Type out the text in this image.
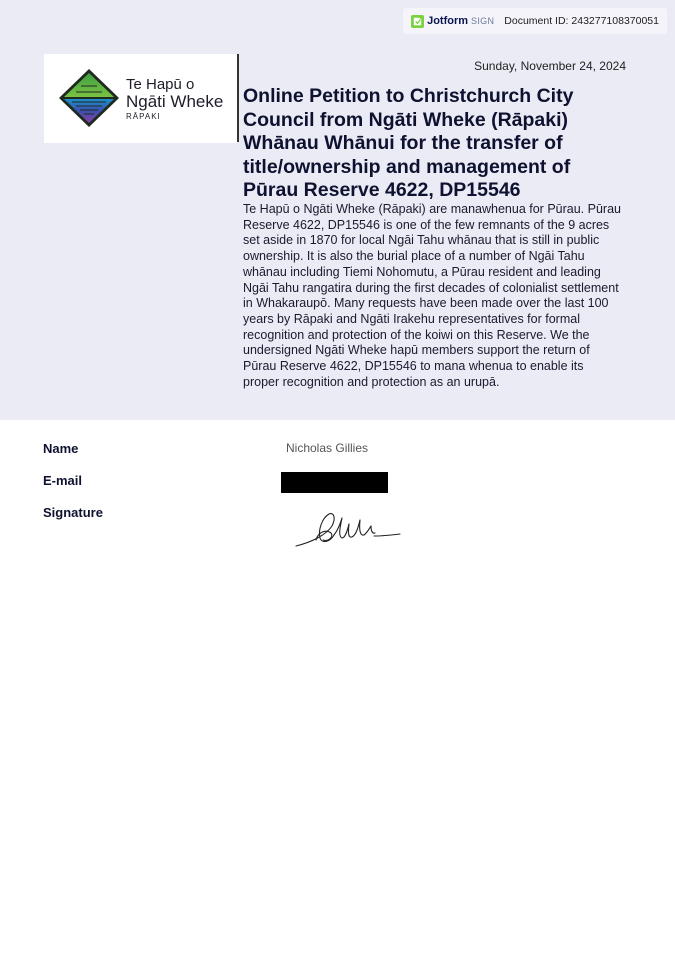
Jotform SIGN Document ID: 243277108370051
Te Hapū o
Ngāti Wheke
RĀPAKI
Sunday, November 24, 2024
Online Petition to Christchurch City Council from Ngāti Wheke (Rāpaki) Whānau Whānui for the transfer of title/ownership and management of Pūrau Reserve 4622, DP15546

Te Hapū o Ngāti Wheke (Rāpaki) are manawhenua for Pūrau. Pūrau Reserve 4622, DP15546 is one of the few remnants of the 9 acres set aside in 1870 for local Ngāi Tahu whānau that is still in public ownership. It is also the burial place of a number of Ngāi Tahu whānau including Tiemi Nohomutu, a Pūrau resident and leading Ngāi Tahu rangatira during the first decades of colonialist settlement in Whakaraupō. Many requests have been made over the last 100 years by Rāpaki and Ngāti Irakehu representatives for formal recognition and protection of the koiwi on this Reserve. We the undersigned Ngāti Wheke hapū members support the return of Pūrau Reserve 4622, DP15546 to mana whenua to enable its proper recognition and protection as an urupā.

Name	Nicholas Gillies
E-mail
Signature
